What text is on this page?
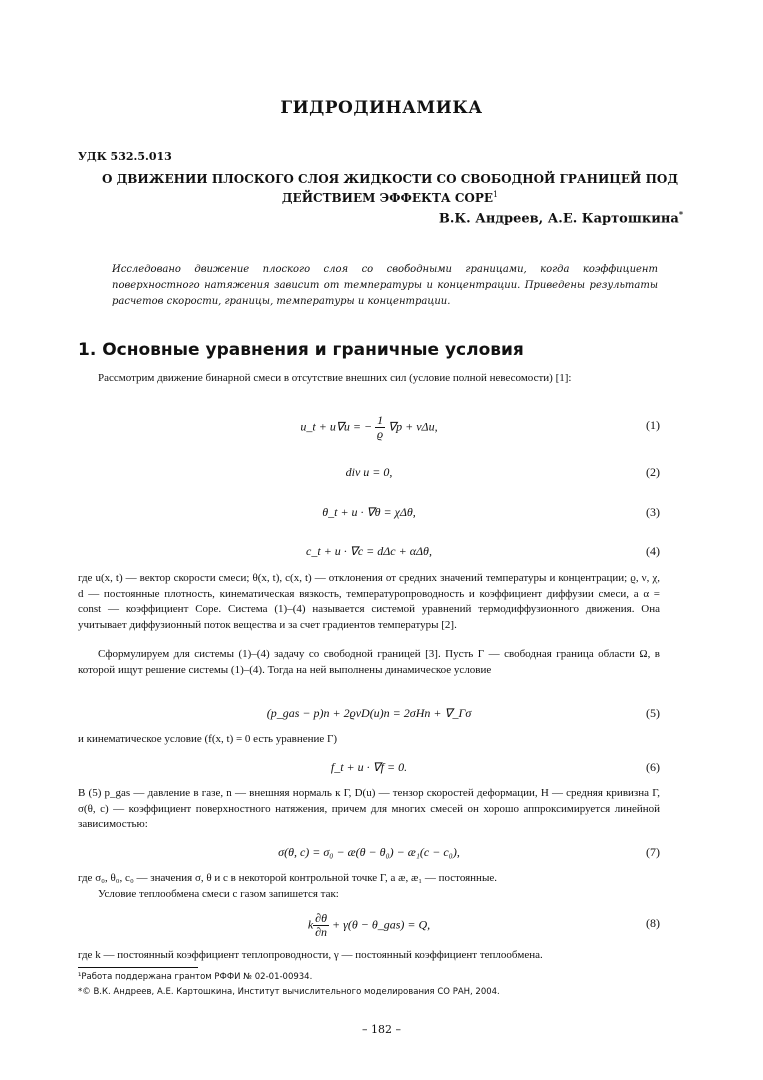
ГИДРОДИНАМИКА
УДК 532.5.013
О ДВИЖЕНИИ ПЛОСКОГО СЛОЯ ЖИДКОСТИ СО СВОБОДНОЙ ГРАНИЦЕЙ ПОД
ДЕЙСТВИЕМ ЭФФЕКТА СОРЕ$^1$
В.К. Андреев, А.Е. Картошкина*
Исследовано движение плоского слоя со свободными границами, когда коэффициент поверхностного натяжения зависит от температуры и концентрации. Приведены результаты расчетов скорости, границы, температуры и концентрации.
1. Основные уравнения и граничные условия
Рассмотрим движение бинарной смеси в отсутствие внешних сил (условие полной невесомости) [1]:
u_t + u∇u = − $\frac{1}{ϱ} \nabla p + \nu\Delta u$,	(1)
div u = 0,	(2)
θ_t + u · ∇θ = χΔθ,	(3)
c_t + u · ∇c = dΔc + αΔθ,	(4)
где u(x, t) — вектор скорости смеси; θ(x, t), c(x, t) — отклонения от средних значений температуры и концентрации; ϱ, ν, χ, d — постоянные плотность, кинематическая вязкость, температуропроводность и коэффициент диффузии смеси, а α = const — коэффициент Соре. Система (1)–(4) называется системой уравнений термодиффузионного движения. Она учитывает диффузионный поток вещества и за счет градиентов температуры [2].
Сформулируем для системы (1)–(4) задачу со свободной границей [3]. Пусть Γ — свободная граница области Ω, в которой ищут решение системы (1)–(4). Тогда на ней выполнены динамическое условие
(p_gas − p)n + 2ϱνD(u)n = 2σHn + ∇_Γσ	(5)
и кинематическое условие (f(x, t) = 0 есть уравнение Γ)
f_t + u · ∇f = 0.	(6)
В (5) p_gas — давление в газе, n — внешняя нормаль к Γ, D(u) — тензор скоростей деформации, H — средняя кривизна Γ, σ(θ, c) — коэффициент поверхностного натяжения, причем для многих смесей он хорошо аппроксимируется линейной зависимостью:
σ(θ, c) = σ₀ − æ(θ − θ₀) − æ₁(c − c₀),	(7)
где σ₀, θ₀, c₀ — значения σ, θ и c в некоторой контрольной точке Γ, а æ, æ₁ — постоянные.
Условие теплообмена смеси с газом запишется так:
k $\frac{\partial\theta}{\partial n} + \gamma(\theta$ − θ_gas) = Q,	(8)
где k — постоянный коэффициент теплопроводности, γ — постоянный коэффициент теплообмена.
¹Работа поддержана грантом РФФИ № 02-01-00934.
*© В.К. Андреев, А.Е. Картошкина, Институт вычислительного моделирования СО РАН, 2004.
– 182 –
